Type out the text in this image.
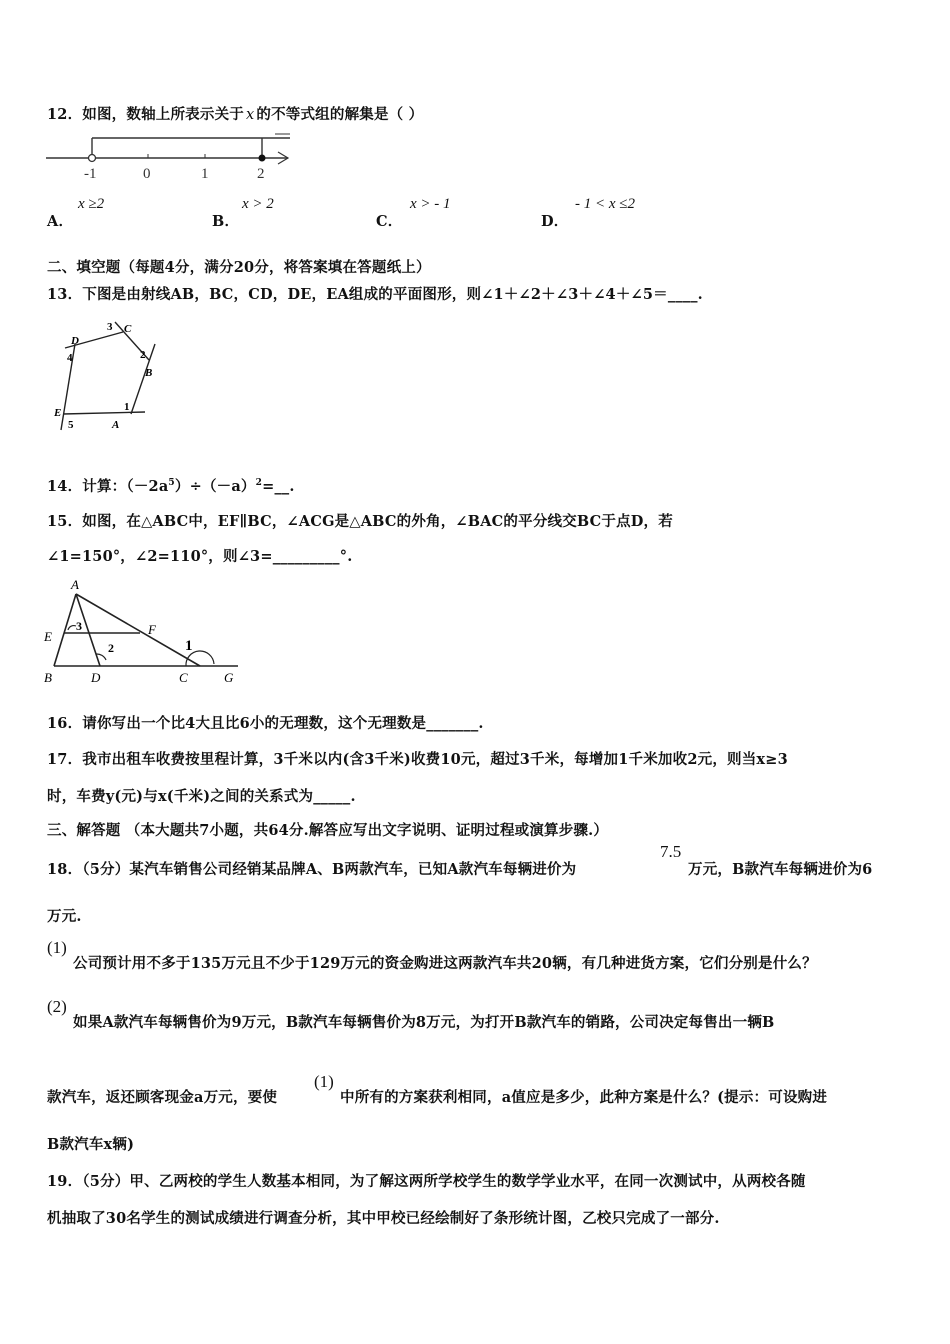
12．如图，数轴上所表示关于 x 的不等式组的解集是（ ）
-1	0	1	2
A．
x ≥2
B．
x > 2
C．
x > - 1
D．
- 1 < x ≤2
二、填空题（每题4分，满分20分，将答案填在答题纸上）
13．下图是由射线AB，BC，CD，DE，EA组成的平面图形，则∠1＋∠2＋∠3＋∠4＋∠5＝____.
C
3
D
4	2
B
1
E
5	A
14．计算：$(-2a^5)\div(-a)^2=\_\_$.
15．如图，在△ABC中，EF∥BC，∠ACG是△ABC的外角，∠BAC的平分线交BC于点D，若
∠1=150°，∠2=110°，则∠3=_________°.
A
E
3	F
1
2
B	D	C	G
16．请你写出一个比4大且比6小的无理数，这个无理数是_______.
17．我市出租车收费按里程计算，3千米以内(含3千米)收费10元，超过3千米，每增加1千米加收2元，则当x≥3
时，车费y(元)与x(千米)之间的关系式为_____.
三、解答题 （本大题共7小题，共64分.解答应写出文字说明、证明过程或演算步骤.）
18．（5分）某汽车销售公司经销某品牌A、B两款汽车，已知A款汽车每辆进价为
7.5
万元，B款汽车每辆进价为6
万元.
(1)
公司预计用不多于135万元且不少于129万元的资金购进这两款汽车共20辆，有几种进货方案，它们分别是什么？
(2)
如果A款汽车每辆售价为9万元，B款汽车每辆售价为8万元，为打开B款汽车的销路，公司决定每售出一辆B
款汽车，返还顾客现金a万元，要使
(1)
中所有的方案获利相同，a值应是多少，此种方案是什么？(提示：可设购进
B款汽车x辆)
19．（5分）甲、乙两校的学生人数基本相同，为了解这两所学校学生的数学学业水平，在同一次测试中，从两校各随
机抽取了30名学生的测试成绩进行调查分析，其中甲校已经绘制好了条形统计图，乙校只完成了一部分.
